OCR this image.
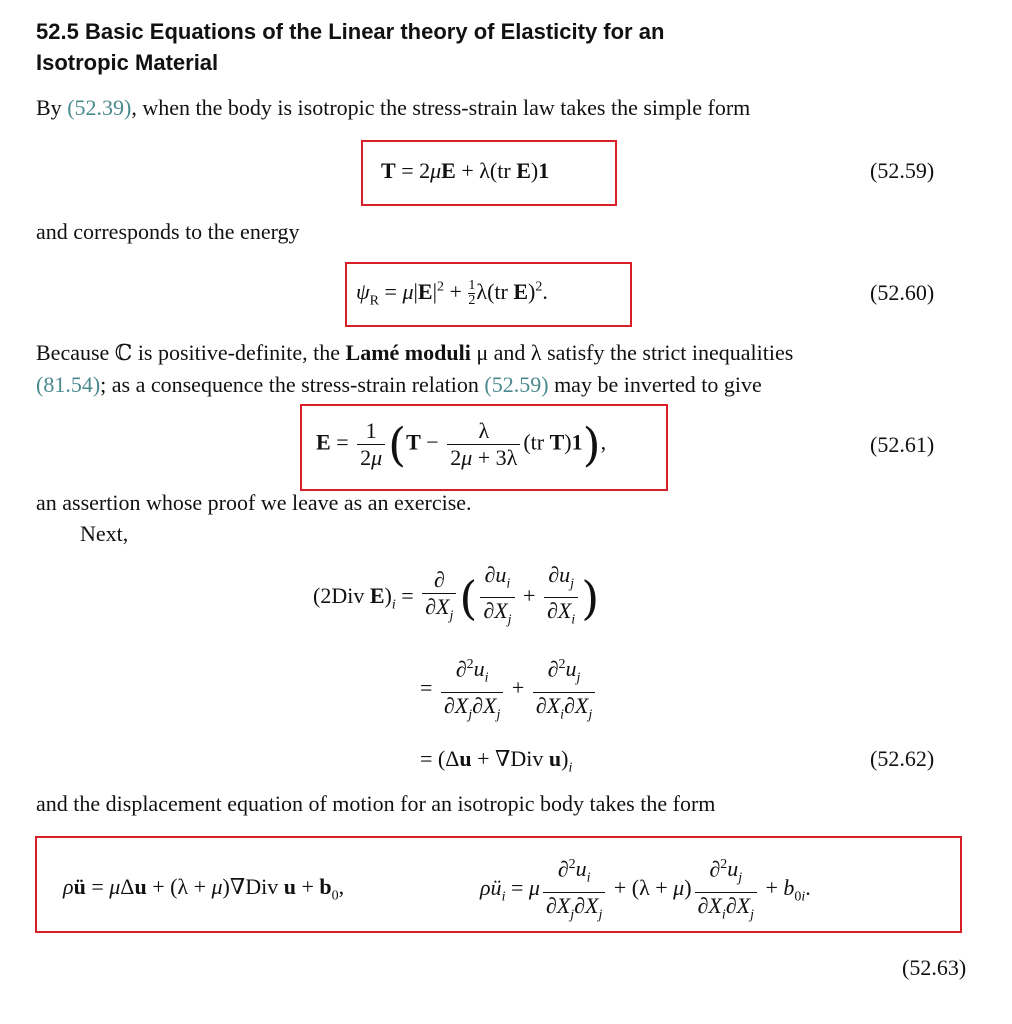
52.5 Basic Equations of the Linear theory of Elasticity for an
Isotropic Material
By (52.39), when the body is isotropic the stress-strain law takes the simple form
T = 2μE + λ(tr E)1	(52.59)
and corresponds to the energy
$\psi_R = \mu|E|^2 + \frac{1}{2} \lambda(tr$ E)$^2$.	(52.60)
Because ℂ is positive-definite, the Lamé moduli μ and λ satisfy the strict inequalities
(81.54); as a consequence the stress-strain relation (52.59) may be inverted to give
$E = \frac{1}{2\mu} (T - \frac{\lambda}{2\mu + 3\lambda} (tr$ T)1),	(52.61)
an assertion whose proof we leave as an exercise.
Next,
(2Div $E)_i = \frac{\partial}{\partial X_j}$ ( $\frac{\partial u_i}{\partial X_j} + \frac{\partial u_j}{\partial X_i}$ )
= $\frac{\partial^2u_i}{\partial X_j\partial X_j} + \frac{\partial^2u_j}{\partial X_i\partial X_j}$
= (Δu + ∇Div $u)_i$	(52.62)
and the displacement equation of motion for an isotropic body takes the form
ρü = μΔu + (λ + μ)∇Div $u + b_0$,	$\rho ü_i = \mu \frac{\partial^2u_i}{\partial X_j\partial X_j} + (\lambda + \mu) \frac{\partial^2u_j}{\partial X_i\partial X_j} + b_{0i}$.
(52.63)
